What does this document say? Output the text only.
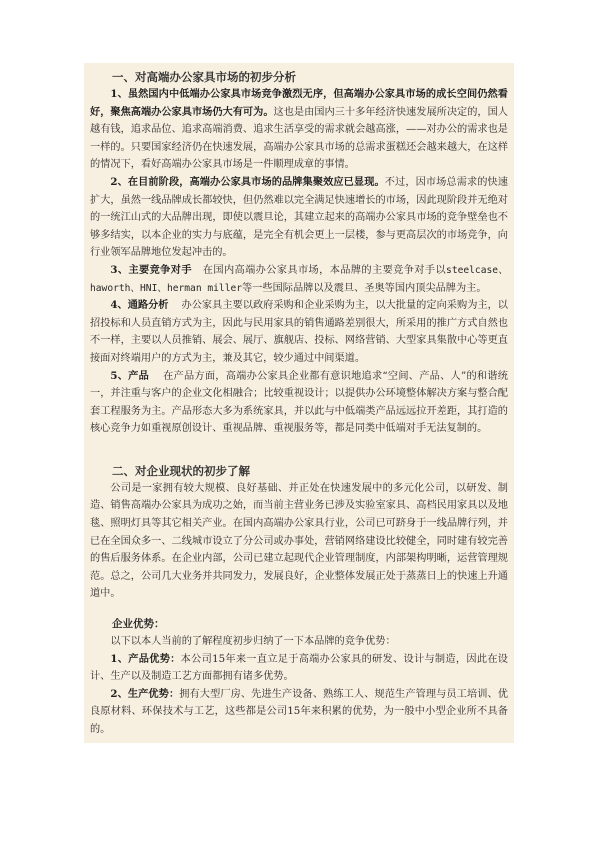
一、对高端办公家具市场的初步分析

1、虽然国内中低端办公家具市场竞争激烈无序，但高端办公家具市场的成长空间仍然看好，聚焦高端办公家具市场仍大有可为。这也是由国内三十多年经济快速发展所决定的，国人越有钱，追求品位、追求高端消费、追求生活享受的需求就会越高涨，——对办公的需求也是一样的。只要国家经济仍在快速发展，高端办公家具市场的总需求蛋糕还会越来越大，在这样的情况下，看好高端办公家具市场是一件顺理成章的事情。

2、在目前阶段，高端办公家具市场的品牌集聚效应已显现。不过，因市场总需求的快速扩大，虽然一线品牌成长都较快，但仍然难以完全满足快速增长的市场，因此现阶段并无绝对的一统江山式的大品牌出现，即使以震旦论，其建立起来的高端办公家具市场的竞争壁垒也不够多结实，以本企业的实力与底蕴，是完全有机会更上一层楼，参与更高层次的市场竞争，向行业领军品牌地位发起冲击的。

3、主要竞争对手 在国内高端办公家具市场，本品牌的主要竞争对手以steelcase、haworth、HNI、herman miller等一些国际品牌以及震旦、圣奥等国内顶尖品牌为主。

4、通路分析 办公家具主要以政府采购和企业采购为主，以大批量的定向采购为主，以招投标和人员直销方式为主，因此与民用家具的销售通路差别很大，所采用的推广方式自然也不一样，主要以人员推销、展会、展厅、旗舰店、投标、网络营销、大型家具集散中心等更直接面对终端用户的方式为主，兼及其它，较少通过中间渠道。

5、产品 在产品方面，高端办公家具企业都有意识地追求“空间、产品、人”的和谐统一，并注重与客户的企业文化相融合；比较重视设计；以提供办公环境整体解决方案与整合配套工程服务为主。产品形态大多为系统家具，并以此与中低端类产品远远拉开差距，其打造的核心竞争力如重视原创设计、重视品牌、重视服务等，都是同类中低端对手无法复制的。

二、对企业现状的初步了解

公司是一家拥有较大规模、良好基础、并正处在快速发展中的多元化公司，以研发、制造、销售高端办公家具为成功之始，而当前主营业务已涉及实验室家具、高档民用家具以及地毯、照明灯具等其它相关产业。在国内高端办公家具行业，公司已可跻身于一线品牌行列，并已在全国众多一、二线城市设立了分公司或办事处，营销网络建设比较健全，同时建有较完善的售后服务体系。在企业内部，公司已建立起现代企业管理制度，内部架构明晰，运营管理规范。总之，公司几大业务并共同发力，发展良好，企业整体发展正处于蒸蒸日上的快速上升通道中。

企业优势：

以下以本人当前的了解程度初步归纳了一下本品牌的竞争优势：

1、产品优势：本公司15年来一直立足于高端办公家具的研发、设计与制造，因此在设计、生产以及制造工艺方面都拥有诸多优势。

2、生产优势：拥有大型厂房、先进生产设备、熟练工人、规范生产管理与员工培训、优良原材料、环保技术与工艺，这些都是公司15年来积累的优势，为一般中小型企业所不具备的。
